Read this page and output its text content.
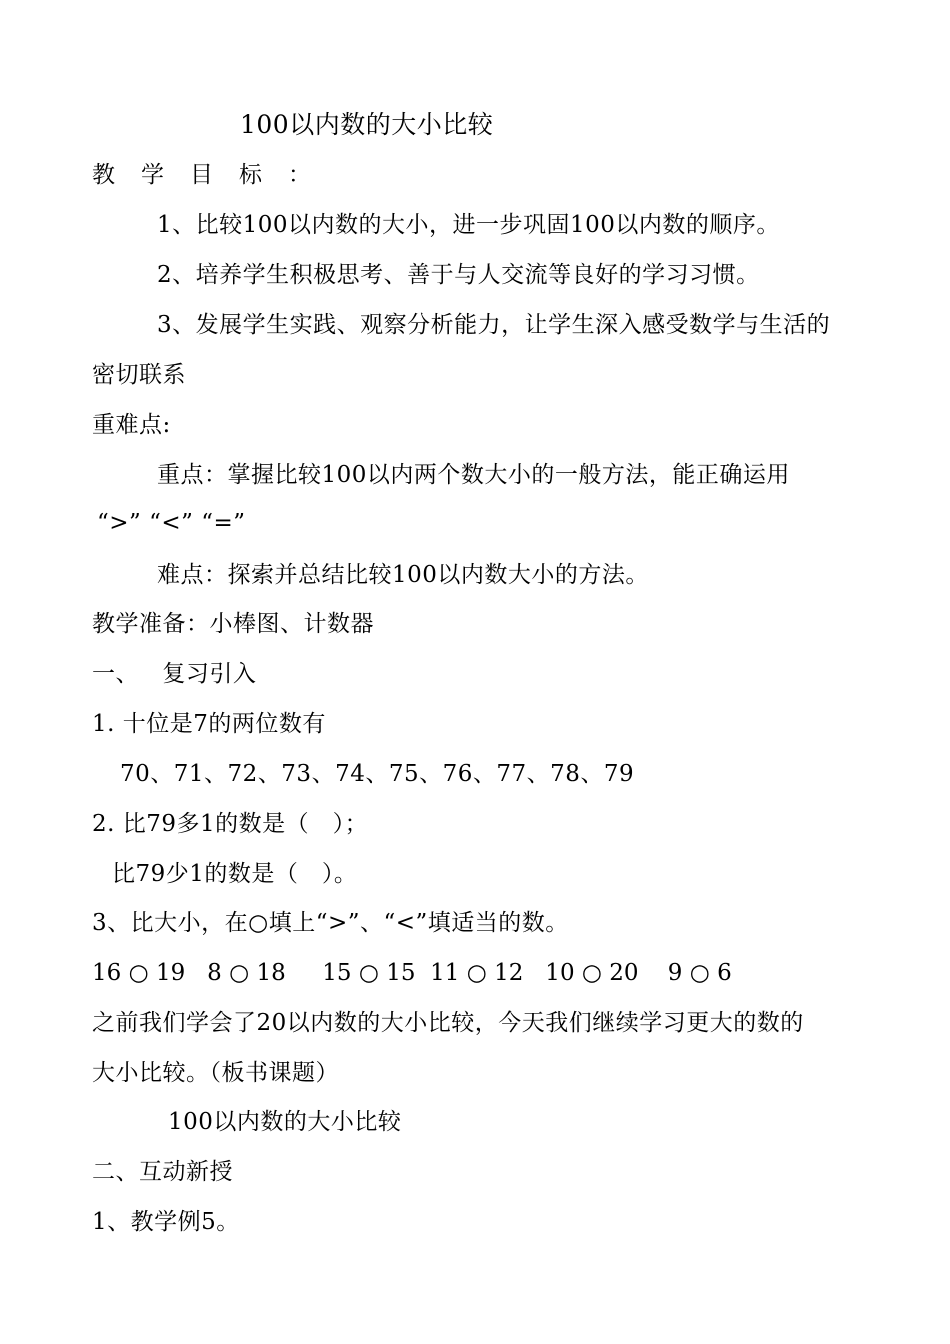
100以内数的大小比较
教学目标：
1、比较100以内数的大小，进一步巩固100以内数的顺序。
2、培养学生积极思考、善于与人交流等良好的学习习惯。
3、发展学生实践、观察分析能力，让学生深入感受数学与生活的
密切联系
重难点:
重点：掌握比较100以内两个数大小的一般方法，能正确运用
“>” “<” “=”
难点：探索并总结比较100以内数大小的方法。
教学准备：小棒图、计数器
一、   复习引入
1. 十位是7的两位数有
70、71、72、73、74、75、76、77、78、79
2. 比79多1的数是（   ）；
比79少1的数是（   ）。
3、比大小，在○填上“>”、“<”填适当的数。
16 ○ 19   8 ○ 18     15 ○ 15  11 ○ 12   10 ○ 20    9 ○ 6
之前我们学会了20以内数的大小比较，今天我们继续学习更大的数的
大小比较。（板书课题）
100以内数的大小比较
二、互动新授
1、教学例5。
